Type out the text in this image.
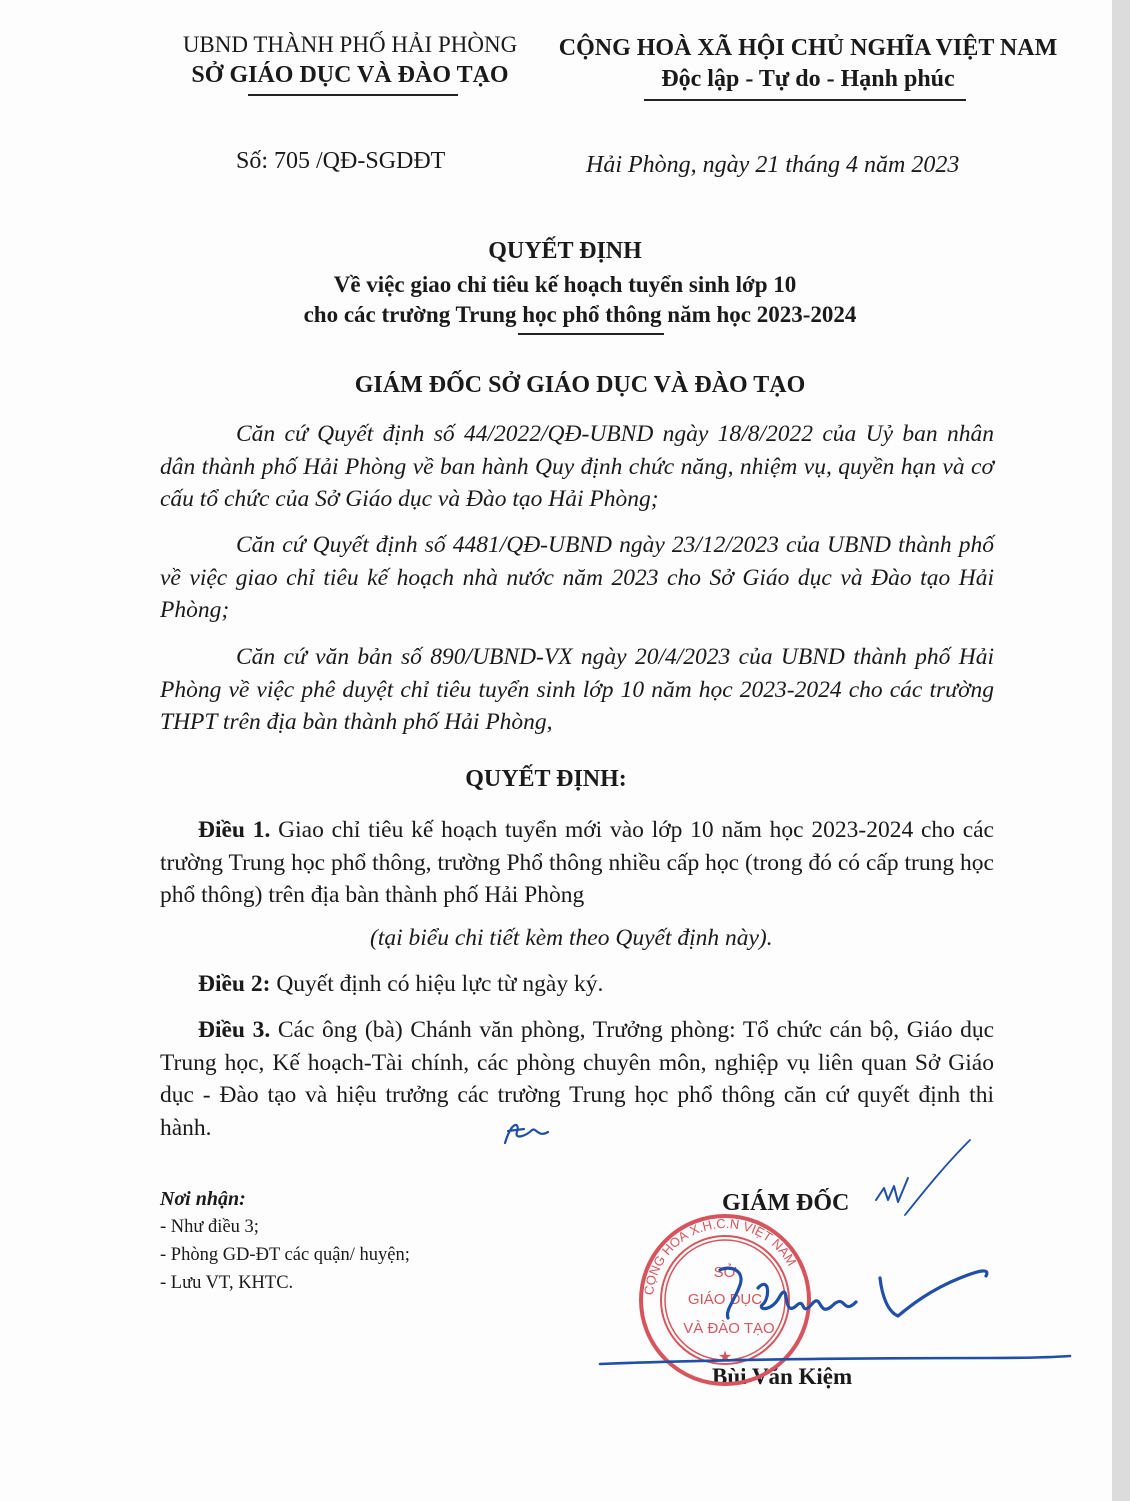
UBND THÀNH PHỐ HẢI PHÒNG
SỞ GIÁO DỤC VÀ ĐÀO TẠO
CỘNG HOÀ XÃ HỘI CHỦ NGHĨA VIỆT NAM
Độc lập - Tự do - Hạnh phúc
Số: 705 /QĐ-SGDĐT	Hải Phòng, ngày 21 tháng 4 năm 2023
QUYẾT ĐỊNH
Về việc giao chỉ tiêu kế hoạch tuyển sinh lớp 10
cho các trường Trung học phổ thông năm học 2023-2024
GIÁM ĐỐC SỞ GIÁO DỤC VÀ ĐÀO TẠO
Căn cứ Quyết định số 44/2022/QĐ-UBND ngày 18/8/2022 của Uỷ ban nhân dân thành phố Hải Phòng về ban hành Quy định chức năng, nhiệm vụ, quyền hạn và cơ cấu tổ chức của Sở Giáo dục và Đào tạo Hải Phòng;
Căn cứ Quyết định số 4481/QĐ-UBND ngày 23/12/2023 của UBND thành phố về việc giao chỉ tiêu kế hoạch nhà nước năm 2023 cho Sở Giáo dục và Đào tạo Hải Phòng;
Căn cứ văn bản số 890/UBND-VX ngày 20/4/2023 của UBND thành phố Hải Phòng về việc phê duyệt chỉ tiêu tuyển sinh lớp 10 năm học 2023-2024 cho các trường THPT trên địa bàn thành phố Hải Phòng,
QUYẾT ĐỊNH:
Điều 1. Giao chỉ tiêu kế hoạch tuyển mới vào lớp 10 năm học 2023-2024 cho các trường Trung học phổ thông, trường Phổ thông nhiều cấp học (trong đó có cấp trung học phổ thông) trên địa bàn thành phố Hải Phòng
(tại biểu chi tiết kèm theo Quyết định này).
Điều 2: Quyết định có hiệu lực từ ngày ký.
Điều 3. Các ông (bà) Chánh văn phòng, Trưởng phòng: Tổ chức cán bộ, Giáo dục Trung học, Kế hoạch-Tài chính, các phòng chuyên môn, nghiệp vụ liên quan Sở Giáo dục - Đào tạo và hiệu trưởng các trường Trung học phổ thông căn cứ quyết định thi hành.
Nơi nhận:
- Như điều 3;
- Phòng GD-ĐT các quận/ huyện;
- Lưu VT, KHTC.
GIÁM ĐỐC
Bùi Văn Kiệm
CỘNG HOÀ X.H.C.N VIỆT NAM
SỞ
GIÁO DỤC
VÀ ĐÀO TẠO
★
